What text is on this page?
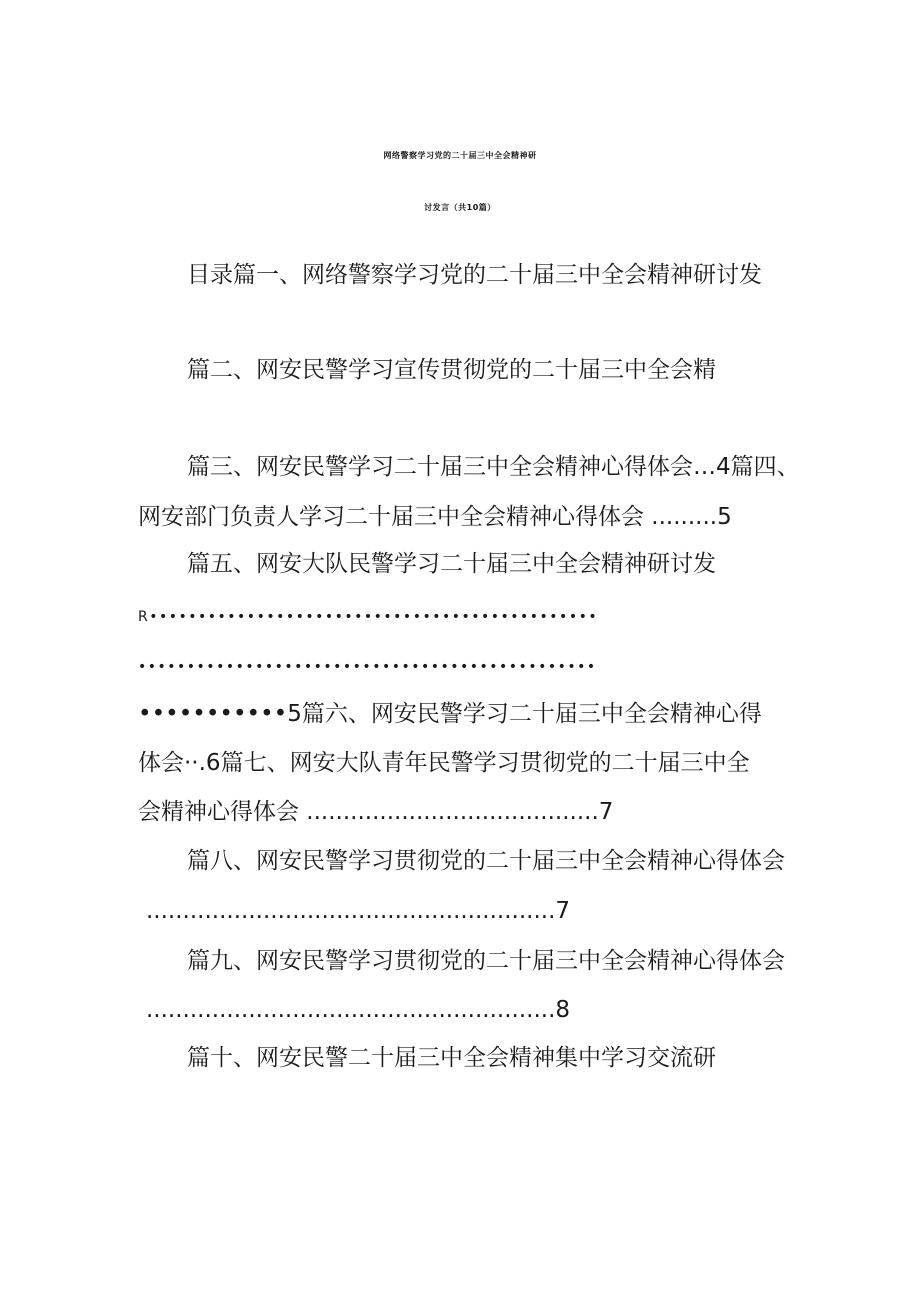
网络警察学习党的二十届三中全会精神研
讨发言（共10篇）
目录篇一、网络警察学习党的二十届三中全会精神研讨发
篇二、网安民警学习宣传贯彻党的二十届三中全会精
篇三、网安民警学习二十届三中全会精神心得体会…4篇四、
网安部门负责人学习二十届三中全会精神心得体会 .........5
篇五、网安大队民警学习二十届三中全会精神研讨发
R••••••••••••••••••••••••••••••••••••••••••••••
•••••••••••••••••••••••••••••••••••••••••••••••
•••••••••••5篇六、网安民警学习二十届三中全会精神心得
体会··.6篇七、网安大队青年民警学习贯彻党的二十届三中全
会精神心得体会 ........................................7
篇八、网安民警学习贯彻党的二十届三中全会精神心得体会
........................................................7
篇九、网安民警学习贯彻党的二十届三中全会精神心得体会
........................................................8
篇十、网安民警二十届三中全会精神集中学习交流研
